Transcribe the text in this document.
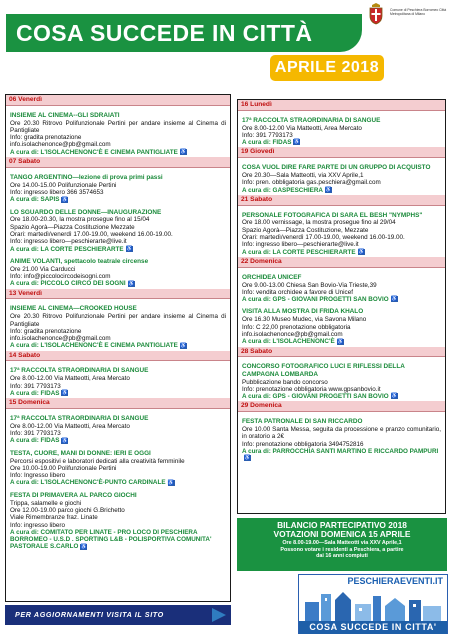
COSA SUCCEDE IN CITTÀ
Comune di Peschiera Borromeo Città Metropolitana di Milano
APRILE 2018
06 Venerdì
INSIEME AL CINEMA--GLI SDRAIATI
Ore 20.30 Ritrovo Polifunzionale Pertini per andare insieme al Cinema di Pantigliate
Info: gradita prenotazione
info.isolachenonce@pb@gmail.com
A cura di: L'ISOLACHENONC'È E CINEMA PANTIGLIATE ♿
07 Sabato
TANGO ARGENTINO—lezione di prova primi passi
Ore 14.00-15.00 Polifunzionale Pertini
Info: ingresso libero 366 3574653
A cura di: SAPIS ♿
LO SGUARDO DELLE DONNE—INAUGURAZIONE
Ore 18.00-20.30, la mostra prosegue fino al 15/04
Spazio Agorà—Piazza Costituzione Mezzate
Orari: martedì/venerdì 17.00-19.00, weekend 16.00-19.00.
Info: ingresso libero—peschierarte@live.it
A cura di: LA CORTE PESCHIERARTE ♿
ANIME VOLANTI, spettacolo teatrale circense
Ore 21.00 Via Carducci
Info: info@piccolocircodeisogni.com
A cura di: PICCOLO CIRCO DEI SOGNI ♿
13 Venerdì
INSIEME AL CINEMA—CROOKED HOUSE
Ore 20.30 Ritrovo Polifunzionale Pertini per andare insieme al Cinema di Pantigliate
Info: gradita prenotazione
info.isolachenonce@pb@gmail.com
A cura di: L'ISOLACHENONC'È E CINEMA PANTIGLIATE ♿
14 Sabato
17ª RACCOLTA STRAORDINARIA DI SANGUE
Ore 8.00-12.00 Via Matteotti, Area Mercato
Info: 391 7793173
A cura di: FIDAS ♿
15 Domenica
17ª RACCOLTA STRAORDINARIA DI SANGUE
Ore 8.00-12.00 Via Matteotti, Area Mercato
Info: 391 7793173
A cura di: FIDAS ♿
TESTA, CUORE, MANI DI DONNE: IERI E OGGI
Percorsi espositivi e laboratori dedicati alla creatività femminile
Ore 10.00-19.00 Polifunzionale Pertini
Info: Ingresso libero
A cura di: L'ISOLACHENONC'È-PUNTO CARDINALE ♿
FESTA DI PRIMAVERA AL PARCO GIOCHI
Trippa, salamelle e giochi
Ore 12.00-19.00 parco giochi G.Brichetto
Viale Rimembranze fraz. Linate
Info: ingresso libero
A cura di: COMITATO PER LINATE - PRO LOCO DI PESCHIERA BORROMEO - U.S.D . SPORTING L&B - POLISPORTIVA COMUNITA' PASTORALE S.CARLO ♿
16 Lunedì
17ª RACCOLTA STRAORDINARIA DI SANGUE
Ore 8.00-12.00 Via Matteotti, Area Mercato
Info: 391 7793173
A cura di: FIDAS ♿
19 Giovedì
COSA VUOL DIRE FARE PARTE DI UN GRUPPO DI ACQUISTO
Ore 20.30—Sala Matteotti, via XXV Aprile,1
Info: pren. obbligatoria gas.peschiera@gmail.com
A cura di: GASPESCHIERA ♿
21 Sabato
PERSONALE FOTOGRAFICA DI SARA EL BESH "NYMPHS"
Ore 18.00 vernissage, la mostra prosegue fino al 29/04
Spazio Agorà—Piazza Costituzione, Mezzate
Orari: martedì/venerdì 17.00-19.00, weekend 16.00-19.00.
Info: ingresso libero—peschierarte@live.it
A cura di: LA CORTE PESCHIERARTE ♿
22 Domenica
ORCHIDEA UNICEF
Ore 9.00-13.00 Chiesa San Bovio-Via Trieste,39
Info: vendita orchidee a favore di Unicef
A cura di: GPS - GIOVANI PROGETTI SAN BOVIO ♿
VISITA ALLA MOSTRA DI FRIDA KHALO
Ore 16.30 Museo Mudec, via Savona Milano
Info: C 22,00 prenotazione obbligatoria
info.isolachenonce@pb@gmail.com
A cura di: L'ISOLACHENONC'È ♿
28 Sabato
CONCORSO FOTOGRAFICO LUCI E RIFLESSI DELLA CAMPAGNA LOMBARDA
Pubblicazione bando concorso
Info: prenotazione obbligatoria www.gpsanbovio.it
A cura di: GPS - GIOVANI PROGETTI SAN BOVIO ♿
29 Domenica
FESTA PATRONALE DI SAN RICCARDO
Ore 10.00 Santa Messa, seguita da processione e pranzo comunitario, in oratorio a 2€
Info: prenotazione obbligatoria 3494752816
A cura di: PARROCCHIA SANTI MARTINO E RICCARDO PAMPURI♿
BILANCIO PARTECIPATIVO 2018
VOTAZIONI DOMENICA 15 APRILE
Ore 8.00-19.00—Sala Matteotti via XXV Aprile,1
Possono votare i residenti a Peschiera, a partire
dai 16 anni compiuti
PER AGGIORNAMENTI VISITA IL SITO
PESCHIERAEVENTI.IT
COSA SUCCEDE IN CITTA'
